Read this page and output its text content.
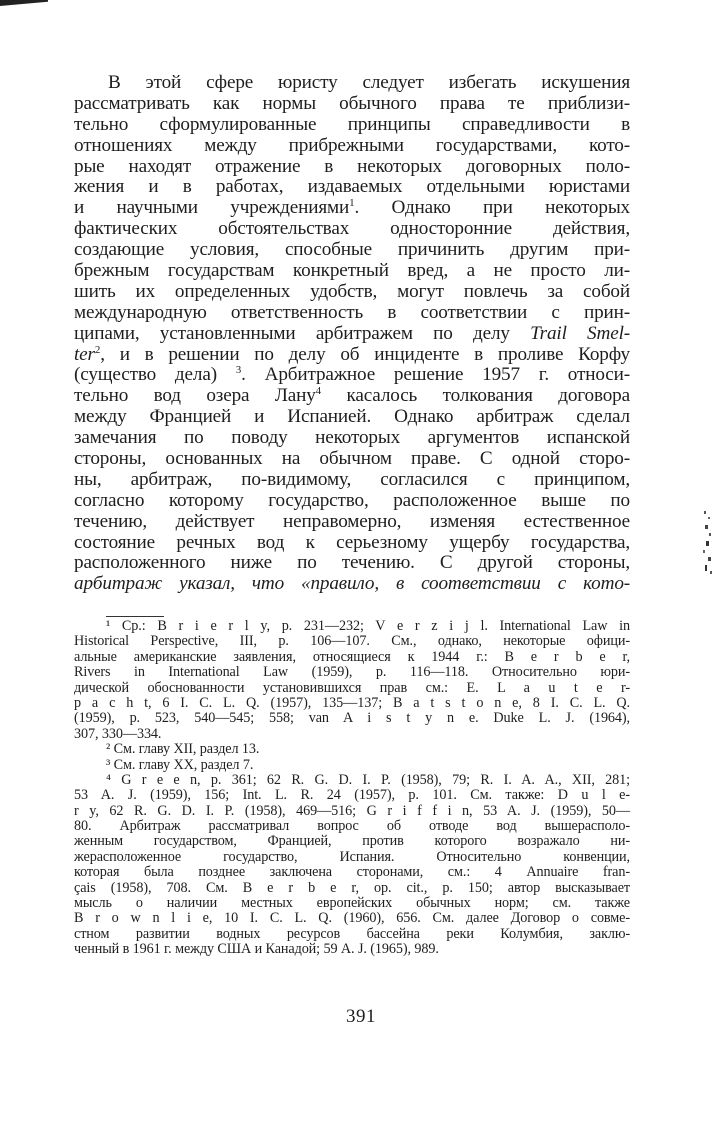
В этой сфере юристу следует избегать искушения
рассматривать как нормы обычного права те приблизи-
тельно сформулированные принципы справедливости в
отношениях между прибрежными государствами, кото-
рые находят отражение в некоторых договорных поло-
жения и в работах, издаваемых отдельными юристами
и научными учреждениями$^1$. Однако при некоторых
фактических обстоятельствах односторонние действия,
создающие условия, способные причинить другим при-
брежным государствам конкретный вред, а не просто ли-
шить их определенных удобств, могут повлечь за собой
международную ответственность в соответствии с прин-
ципами, установленными арбитражем по делу Trail Smel-
ter$^2$, и в решении по делу об инциденте в проливе Корфу
(существо дела) $^3$. Арбитражное решение 1957 г. относи-
тельно вод озера Лану$^4$ касалось толкования договора
между Францией и Испанией. Однако арбитраж сделал
замечания по поводу некоторых аргументов испанской
стороны, основанных на обычном праве. С одной сторо-
ны, арбитраж, по-видимому, согласился с принципом,
согласно которому государство, расположенное выше по
течению, действует неправомерно, изменяя естественное
состояние речных вод к серьезному ущербу государства,
расположенного ниже по течению. С другой стороны,
арбитраж указал, что «правило, в соответствии с кото-
¹ Ср.: B r i e r l y, p. 231—232; V e r z i j l. International Law in
Historical Perspective, III, p. 106—107. См., однако, некоторые офици-
альные американские заявления, относящиеся к 1944 г.: B e r b e r,
Rivers in International Law (1959), p. 116—118. Относительно юри-
дической обоснованности установившихся прав см.: E. L a u t e r-
p a c h t, 6 I. C. L. Q. (1957), 135—137; B a t s t o n e, 8 I. C. L. Q.
(1959), p. 523, 540—545; 558; van A i s t y n e. Duke L. J. (1964),
307, 330—334.
² См. главу XII, раздел 13.
³ См. главу XX, раздел 7.
⁴ G r e e n, p. 361; 62 R. G. D. I. P. (1958), 79; R. I. A. A., XII, 281;
53 A. J. (1959), 156; Int. L. R. 24 (1957), p. 101. См. также: D u l e-
r y, 62 R. G. D. I. P. (1958), 469—516; G r i f f i n, 53 A. J. (1959), 50—
80. Арбитраж рассматривал вопрос об отводе вод вышерасполо-
женным государством, Францией, против которого возражало ни-
жерасположенное государство, Испания. Относительно конвенции,
которая была позднее заключена сторонами, см.: 4 Annuaire fran-
çais (1958), 708. См. B e r b e r, op. cit., p. 150; автор высказывает
мысль о наличии местных европейских обычных норм; см. также
B r o w n l i e, 10 I. C. L. Q. (1960), 656. См. далее Договор о совме-
стном развитии водных ресурсов бассейна реки Колумбия, заклю-
ченный в 1961 г. между США и Канадой; 59 A. J. (1965), 989.
391
